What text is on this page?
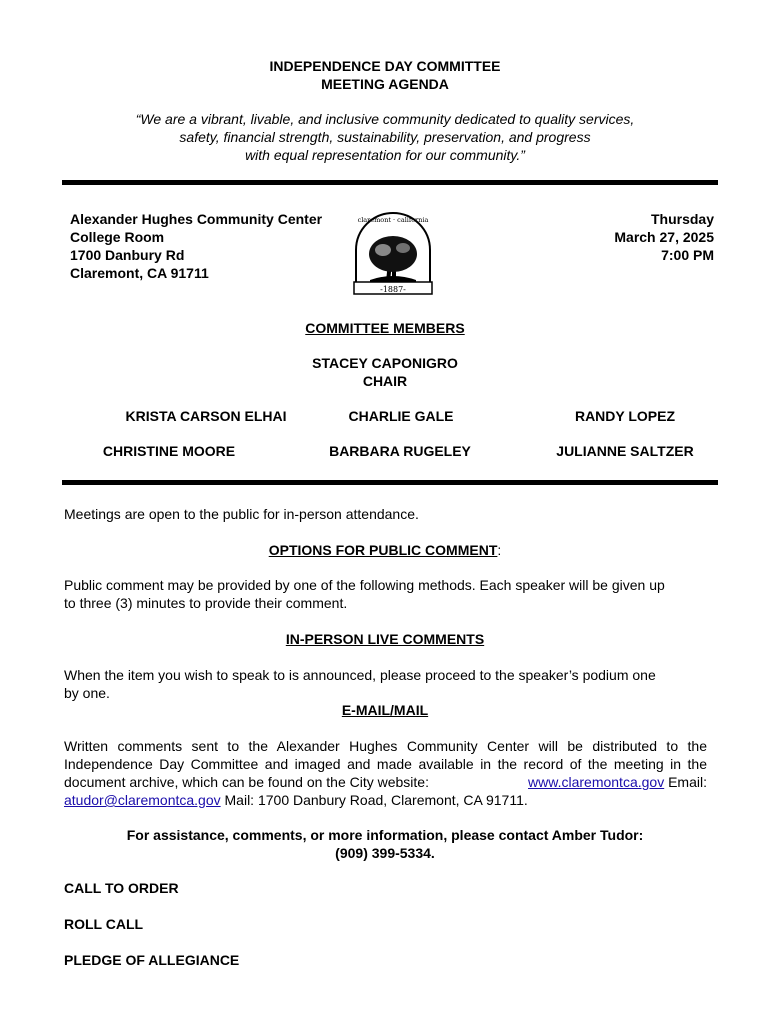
INDEPENDENCE DAY COMMITTEE
MEETING AGENDA
“We are a vibrant, livable, and inclusive community dedicated to quality services,
safety, financial strength, sustainability, preservation, and progress
with equal representation for our community.”
Alexander Hughes Community Center
College Room
1700 Danbury Rd
Claremont, CA 91711
-1887-
claremont · california	Thursday
March 27, 2025
7:00 PM
COMMITTEE MEMBERS
STACEY CAPONIGRO
CHAIR
KRISTA CARSON ELHAI	CHARLIE GALE	RANDY LOPEZ
CHRISTINE MOORE	BARBARA RUGELEY	JULIANNE SALTZER
Meetings are open to the public for in-person attendance.
OPTIONS FOR PUBLIC COMMENT:
Public comment may be provided by one of the following methods. Each speaker will be given up
to three (3) minutes to provide their comment.
IN-PERSON LIVE COMMENTS
When the item you wish to speak to is announced, please proceed to the speaker’s podium one
by one.
E-MAIL/MAIL
Written comments sent to the Alexander Hughes Community Center will be distributed to the
Independence Day Committee and imaged and made available in the record of the meeting in the
document archive, which can be found on the City website:	www.claremontca.gov Email:
atudor@claremontca.gov Mail: 1700 Danbury Road, Claremont, CA 91711.
For assistance, comments, or more information, please contact Amber Tudor:
(909) 399-5334.
CALL TO ORDER
ROLL CALL
PLEDGE OF ALLEGIANCE
